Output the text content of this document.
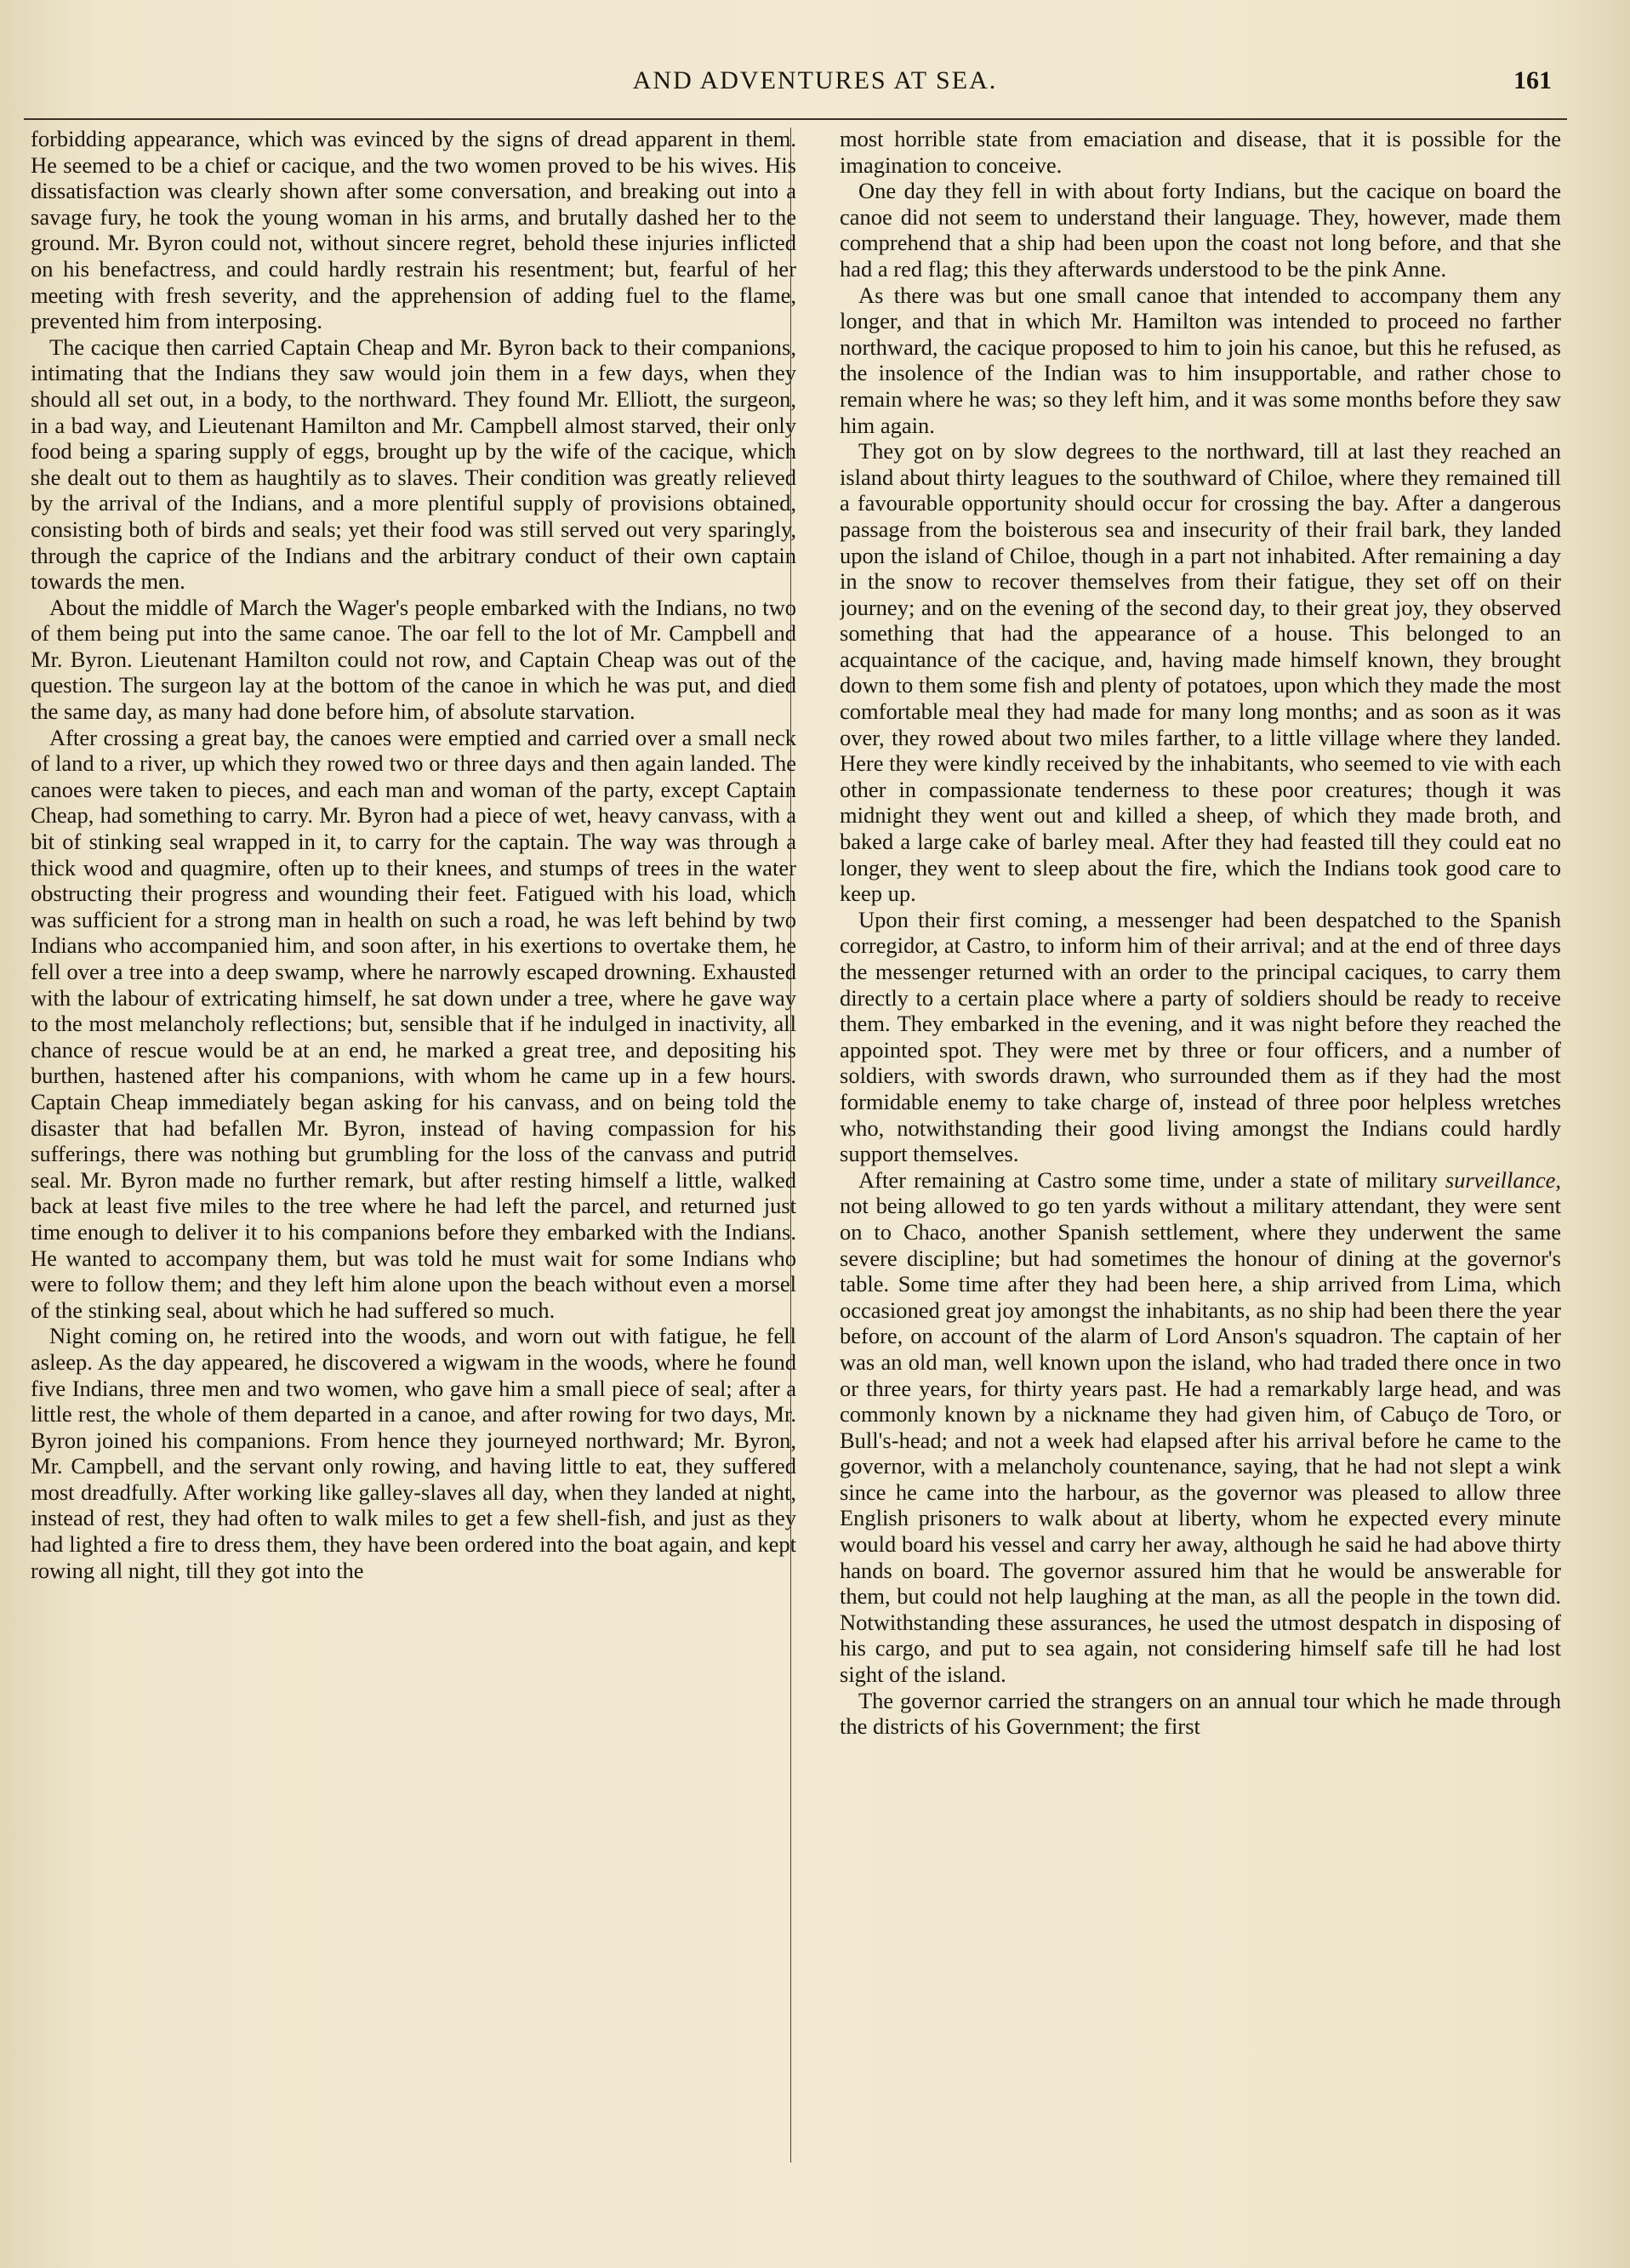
AND ADVENTURES AT SEA.	161

forbidding appearance, which was evinced by the signs of dread apparent in them. He seemed to be a chief or cacique, and the two women proved to be his wives. His dissatisfaction was clearly shown after some conversation, and breaking out into a savage fury, he took the young woman in his arms, and brutally dashed her to the ground. Mr. Byron could not, without sincere regret, behold these injuries inflicted on his benefactress, and could hardly restrain his resentment; but, fearful of her meeting with fresh severity, and the apprehension of adding fuel to the flame, prevented him from interposing.

The cacique then carried Captain Cheap and Mr. Byron back to their companions, intimating that the Indians they saw would join them in a few days, when they should all set out, in a body, to the northward. They found Mr. Elliott, the surgeon, in a bad way, and Lieutenant Hamilton and Mr. Campbell almost starved, their only food being a sparing supply of eggs, brought up by the wife of the cacique, which she dealt out to them as haughtily as to slaves. Their condition was greatly relieved by the arrival of the Indians, and a more plentiful supply of provisions obtained, consisting both of birds and seals; yet their food was still served out very sparingly, through the caprice of the Indians and the arbitrary conduct of their own captain towards the men.

About the middle of March the Wager's people embarked with the Indians, no two of them being put into the same canoe. The oar fell to the lot of Mr. Campbell and Mr. Byron. Lieutenant Hamilton could not row, and Captain Cheap was out of the question. The surgeon lay at the bottom of the canoe in which he was put, and died the same day, as many had done before him, of absolute starvation.

After crossing a great bay, the canoes were emptied and carried over a small neck of land to a river, up which they rowed two or three days and then again landed. The canoes were taken to pieces, and each man and woman of the party, except Captain Cheap, had something to carry. Mr. Byron had a piece of wet, heavy canvass, with a bit of stinking seal wrapped in it, to carry for the captain. The way was through a thick wood and quagmire, often up to their knees, and stumps of trees in the water obstructing their progress and wounding their feet. Fatigued with his load, which was sufficient for a strong man in health on such a road, he was left behind by two Indians who accompanied him, and soon after, in his exertions to overtake them, he fell over a tree into a deep swamp, where he narrowly escaped drowning. Exhausted with the labour of extricating himself, he sat down under a tree, where he gave way to the most melancholy reflections; but, sensible that if he indulged in inactivity, all chance of rescue would be at an end, he marked a great tree, and depositing his burthen, hastened after his companions, with whom he came up in a few hours. Captain Cheap immediately began asking for his canvass, and on being told the disaster that had befallen Mr. Byron, instead of having compassion for his sufferings, there was nothing but grumbling for the loss of the canvass and putrid seal. Mr. Byron made no further remark, but after resting himself a little, walked back at least five miles to the tree where he had left the parcel, and returned just time enough to deliver it to his companions before they embarked with the Indians. He wanted to accompany them, but was told he must wait for some Indians who were to follow them; and they left him alone upon the beach without even a morsel of the stinking seal, about which he had suffered so much.

Night coming on, he retired into the woods, and worn out with fatigue, he fell asleep. As the day appeared, he discovered a wigwam in the woods, where he found five Indians, three men and two women, who gave him a small piece of seal; after a little rest, the whole of them departed in a canoe, and after rowing for two days, Mr. Byron joined his companions. From hence they journeyed northward; Mr. Byron, Mr. Campbell, and the servant only rowing, and having little to eat, they suffered most dreadfully. After working like galley-slaves all day, when they landed at night, instead of rest, they had often to walk miles to get a few shell-fish, and just as they had lighted a fire to dress them, they have been ordered into the boat again, and kept rowing all night, till they got into the

most horrible state from emaciation and disease, that it is possible for the imagination to conceive.

One day they fell in with about forty Indians, but the cacique on board the canoe did not seem to understand their language. They, however, made them comprehend that a ship had been upon the coast not long before, and that she had a red flag; this they afterwards understood to be the pink Anne.

As there was but one small canoe that intended to accompany them any longer, and that in which Mr. Hamilton was intended to proceed no farther northward, the cacique proposed to him to join his canoe, but this he refused, as the insolence of the Indian was to him insupportable, and rather chose to remain where he was; so they left him, and it was some months before they saw him again.

They got on by slow degrees to the northward, till at last they reached an island about thirty leagues to the southward of Chiloe, where they remained till a favourable opportunity should occur for crossing the bay. After a dangerous passage from the boisterous sea and insecurity of their frail bark, they landed upon the island of Chiloe, though in a part not inhabited. After remaining a day in the snow to recover themselves from their fatigue, they set off on their journey; and on the evening of the second day, to their great joy, they observed something that had the appearance of a house. This belonged to an acquaintance of the cacique, and, having made himself known, they brought down to them some fish and plenty of potatoes, upon which they made the most comfortable meal they had made for many long months; and as soon as it was over, they rowed about two miles farther, to a little village where they landed. Here they were kindly received by the inhabitants, who seemed to vie with each other in compassionate tenderness to these poor creatures; though it was midnight they went out and killed a sheep, of which they made broth, and baked a large cake of barley meal. After they had feasted till they could eat no longer, they went to sleep about the fire, which the Indians took good care to keep up.

Upon their first coming, a messenger had been despatched to the Spanish corregidor, at Castro, to inform him of their arrival; and at the end of three days the messenger returned with an order to the principal caciques, to carry them directly to a certain place where a party of soldiers should be ready to receive them. They embarked in the evening, and it was night before they reached the appointed spot. They were met by three or four officers, and a number of soldiers, with swords drawn, who surrounded them as if they had the most formidable enemy to take charge of, instead of three poor helpless wretches who, notwithstanding their good living amongst the Indians could hardly support themselves.

After remaining at Castro some time, under a state of military surveillance, not being allowed to go ten yards without a military attendant, they were sent on to Chaco, another Spanish settlement, where they underwent the same severe discipline; but had sometimes the honour of dining at the governor's table. Some time after they had been here, a ship arrived from Lima, which occasioned great joy amongst the inhabitants, as no ship had been there the year before, on account of the alarm of Lord Anson's squadron. The captain of her was an old man, well known upon the island, who had traded there once in two or three years, for thirty years past. He had a remarkably large head, and was commonly known by a nickname they had given him, of Cabuço de Toro, or Bull's-head; and not a week had elapsed after his arrival before he came to the governor, with a melancholy countenance, saying, that he had not slept a wink since he came into the harbour, as the governor was pleased to allow three English prisoners to walk about at liberty, whom he expected every minute would board his vessel and carry her away, although he said he had above thirty hands on board. The governor assured him that he would be answerable for them, but could not help laughing at the man, as all the people in the town did. Notwithstanding these assurances, he used the utmost despatch in disposing of his cargo, and put to sea again, not considering himself safe till he had lost sight of the island.

The governor carried the strangers on an annual tour which he made through the districts of his Government; the first
